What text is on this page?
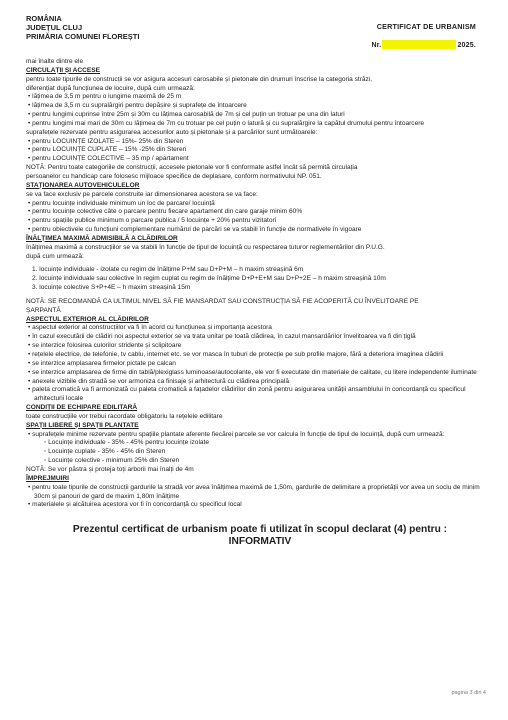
ROMÂNIA
JUDEȚUL CLUJ
PRIMĂRIA COMUNEI FLOREȘTI
CERTIFICAT DE URBANISM
Nr.	2025.
mai înalte dintre ele
CIRCULAȚII ȘI ACCESE
pentru toate tipurile de construcții se vor asigura accesuri carosabile și pietonale din drumuri înscrise la categoria străzi,
diferențiat după funcțiunea de locuire, după cum urmează:
• lățimea de 3,5 m pentru o lungime maximă de 25 m
• lățimea de 3,5 m cu supralărgiri pentru depășire și suprafețe de întoarcere
• pentru lungimi cuprinse între 25m și 30m cu lățimea carosabilă de 7m și cel puțin un trotuar pe una din laturi
• pentru lungimi mai mari de 30m cu lățimea de 7m cu trotuar pe cel puțin o latură și cu supralărgire la capătul drumului pentru întoarcere
suprafețele rezervate pentru asigurarea accesurilor auto și pietonale și a parcărilor sunt următoarele:
• pentru LOCUINȚE IZOLATE – 15%- 25% din Steren
• pentru LOCUINȚE CUPLATE – 15% -25% din Steren
• pentru LOCUINȚE COLECTIVE – 35 mp / apartament
NOTĂ: Pentru toate categoriile de construcții, accesele pietonale vor fi conformate astfel încât să permită circulația
persoanelor cu handicap care folosesc mijloace specifice de deplasare, conform normativului NP. 051.
STAȚIONAREA AUTOVEHICULELOR
se va face exclusiv pe parcele construite iar dimensionarea acestora se va face:
• pentru locuințe individuale minimum un loc de parcare/ locuință
• pentru locuințe colective câte o parcare pentru fiecare apartament din care garaje minim 60%
• pentru spațiile publice minimum o parcare publica / 5 locuințe + 20% pentru vizitatori
• pentru obiectivele cu funcțiuni complementare numărul de parcări se va stabili în funcție de normativele în vigoare
ÎNĂLȚIMEA MAXIMĂ ADMISIBILĂ A CLĂDIRILOR
înălțimea maximă a construcțiilor se va stabili în funcție de tipul de locuință cu respectarea tuturor reglementărilor din P.U.G.
după cum urmează:
1. locuințe individuale - izolate cu regim de înălțime P+M sau D+P+M – h maxim streașină 6m
2. locuințe individuale sau colective în regim cuplat cu regim de înălțime D+P+E+M sau D+P+2E – h maxim streașină 10m
3. locuințe colective S+P+4E – h maxim streașină 15m
NOTĂ: SE RECOMANDĂ CA ULTIMUL NIVEL SĂ FIE MANSARDAT SAU CONSTRUCȚIA SĂ FIE ACOPERITĂ CU ÎNVELITOARE PE
ȘARPANTĂ
ASPECTUL EXTERIOR AL CLĂDIRILOR
• aspectul exterior al construcțiilor va fi în acord cu funcțiunea și importanța acestora
• în cazul executării de clădiri noi aspectul exterior se va trata unitar pe toată clădirea, în cazul mansardărilor învelitoarea va fi din țiglă
• se interzice folosirea culorilor stridente și sclipitoare
• rețelele electrice, de telefonie, tv cablu, internet etc. se vor masca în tuburi de protecție pe sub profile majore, fără a deteriora imaginea clădirii
• se interzice amplasarea firmelor pictate pe calcan
• se interzice amplasarea de firme din tablă/plexiglass luminoase/autocolante, ele vor fi executate din materiale de calitate, cu litere independente iluminate
• anexele vizibile din stradă se vor armoniza ca finisaje și arhitectură cu clădirea principală
• paleta cromatică va fi armonizată cu paleta cromatică a fațadelor clădirilor din zonă pentru asigurarea unității ansamblului în concordanță cu specificul arhitecturii locale
CONDIȚII DE ECHIPARE EDILITARĂ
toate construcțiile vor trebui racordate obligatoriu la rețelele edilitare
SPAȚII LIBERE ȘI SPAȚII PLANTATE
• suprafețele minime rezervate pentru spațiile plantate aferente fiecărei parcele se vor calcula în funcție de tipul de locuință, după cum urmează:
◦ Locuințe individuale - 35% - 45% pentru locuințe izolate
◦ Locuințe cuplate - 35% - 45% din Steren
◦ Locuințe colective - minimum 25% din Steren
NOTĂ: Se vor păstra și proteja toți arborii mai înalți de 4m
ÎMPREJMUIRI
• pentru toate tipurile de construcții gardurile la stradă vor avea înălțimea maximă de 1,50m, gardurile de delimitare a proprietății vor avea un soclu de minim 30cm și panouri de gard de maxim 1,80m înălțime
• materialele și alcătuirea acestora vor fi în concordanță cu specificul local
Prezentul certificat de urbanism poate fi utilizat în scopul declarat (4) pentru :
INFORMATIV
pagina 3 din 4
